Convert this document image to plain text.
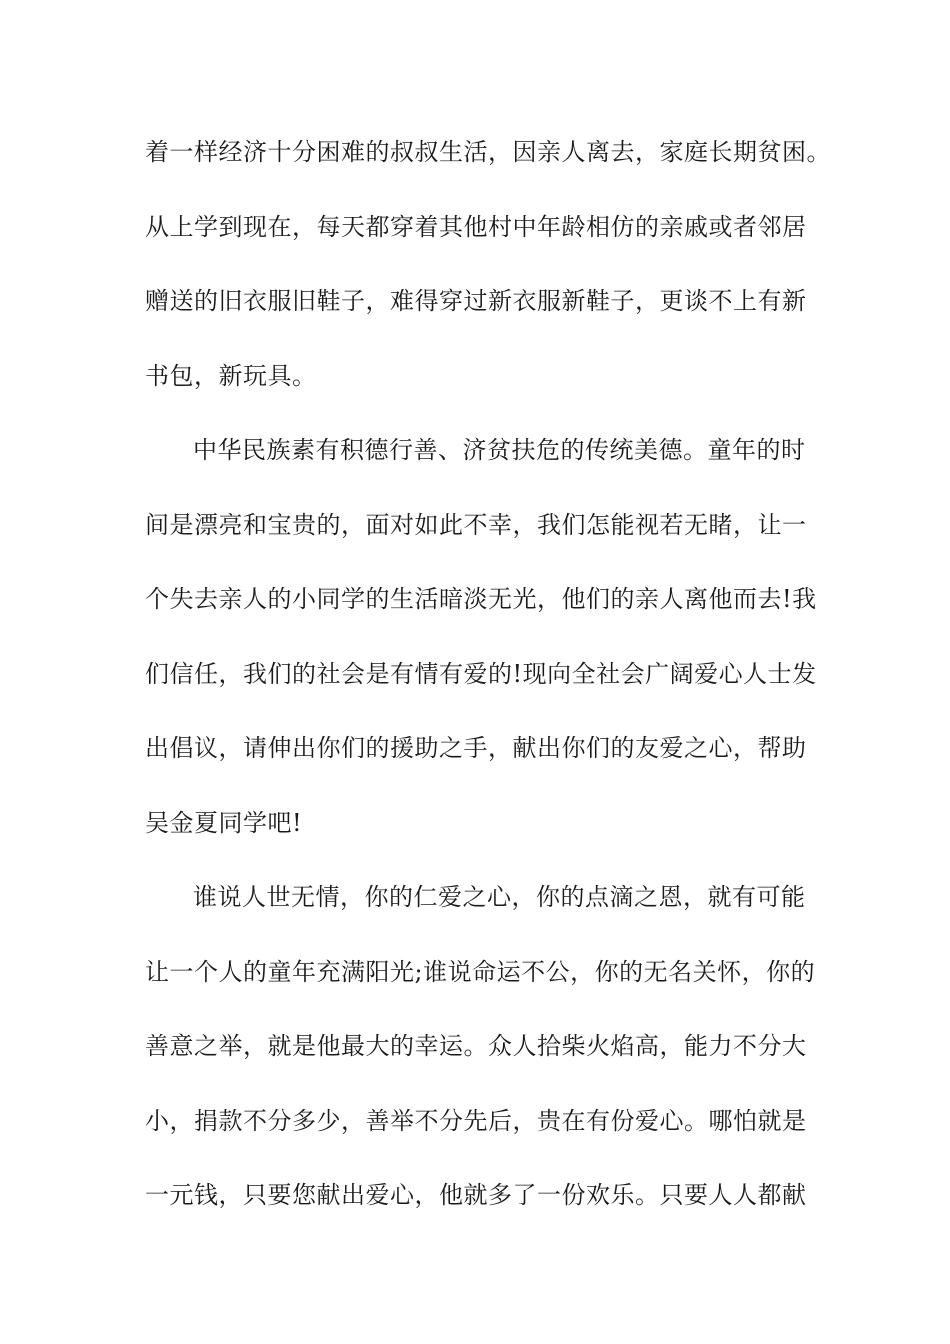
着一样经济十分困难的叔叔生活，因亲人离去，家庭长期贫困。
从上学到现在，每天都穿着其他村中年龄相仿的亲戚或者邻居
赠送的旧衣服旧鞋子，难得穿过新衣服新鞋子，更谈不上有新
书包，新玩具。
中华民族素有积德行善、济贫扶危的传统美德。童年的时
间是漂亮和宝贵的，面对如此不幸，我们怎能视若无睹，让一
个失去亲人的小同学的生活暗淡无光，他们的亲人离他而去!我
们信任，我们的社会是有情有爱的!现向全社会广阔爱心人士发
出倡议，请伸出你们的援助之手，献出你们的友爱之心，帮助
吴金夏同学吧!
谁说人世无情，你的仁爱之心，你的点滴之恩，就有可能
让一个人的童年充满阳光;谁说命运不公，你的无名关怀，你的
善意之举，就是他最大的幸运。众人拾柴火焰高，能力不分大
小，捐款不分多少，善举不分先后，贵在有份爱心。哪怕就是
一元钱，只要您献出爱心，他就多了一份欢乐。只要人人都献
